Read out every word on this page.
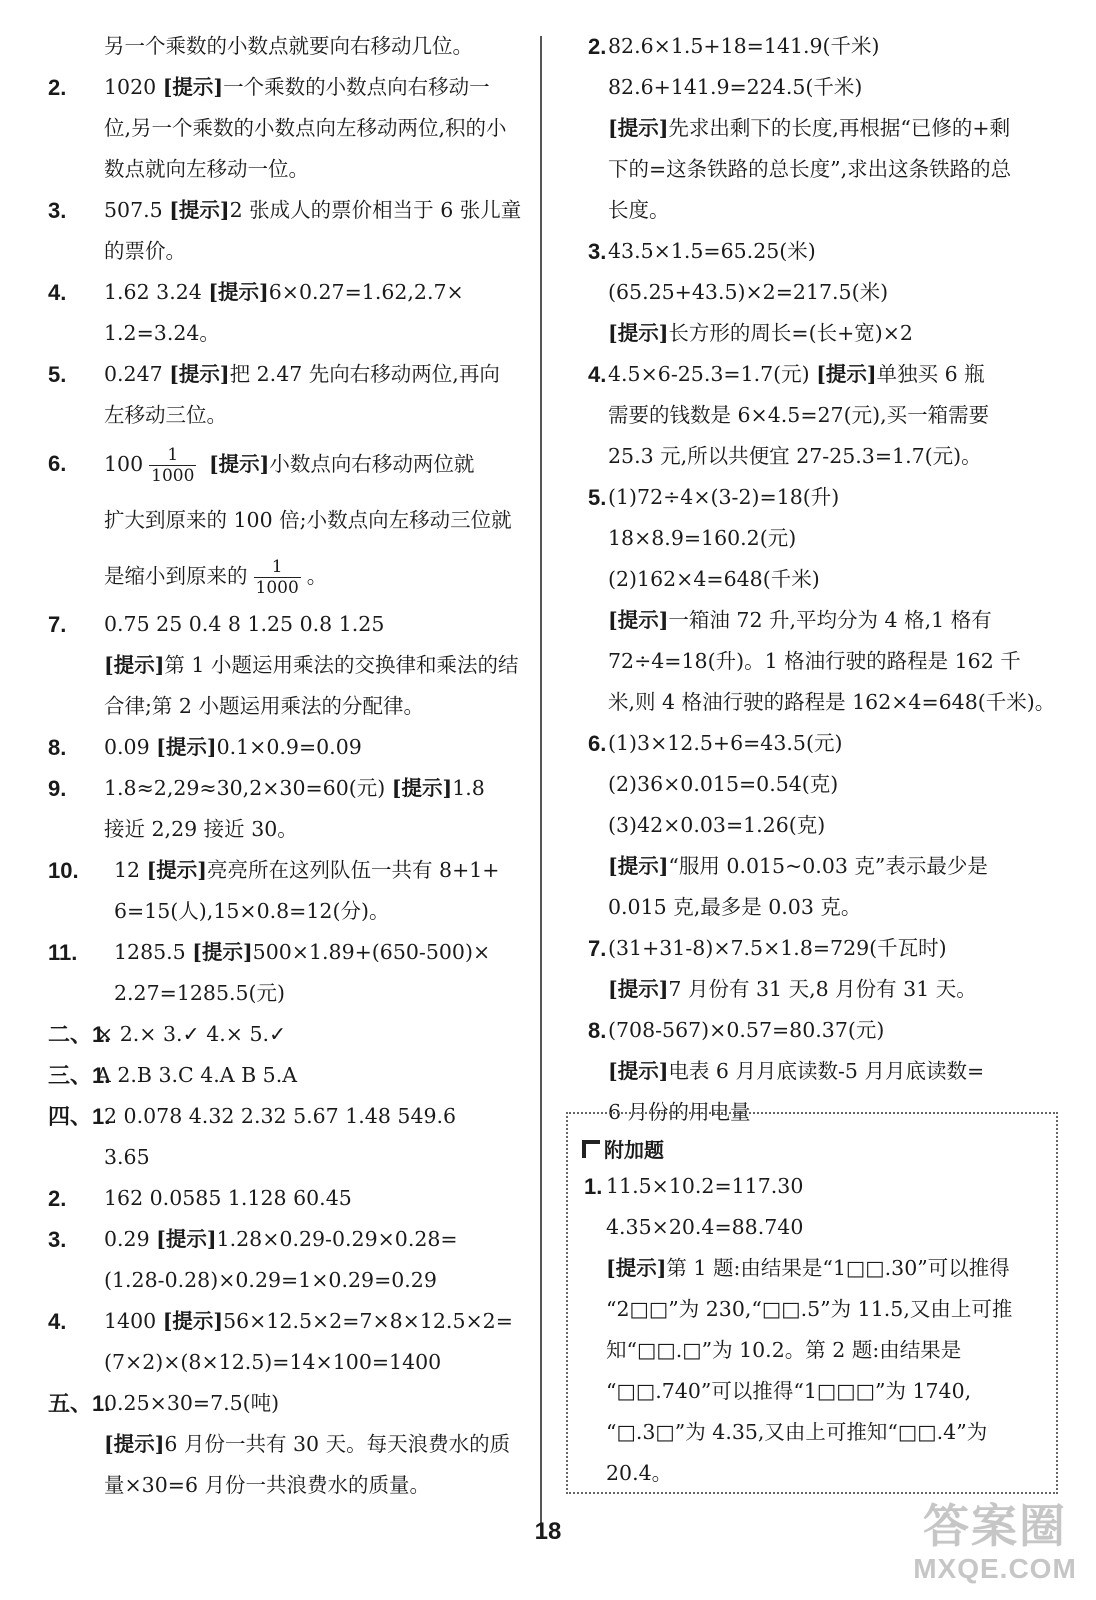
另一个乘数的小数点就要向右移动几位。
2. 1020 [提示]一个乘数的小数点向右移动一
位,另一个乘数的小数点向左移动两位,积的小
数点就向左移动一位。
3. 507.5 [提示]2 张成人的票价相当于 6 张儿童
的票价。
4. 1.62 3.24 [提示]6×0.27=1.62,2.7×
1.2=3.24。
5. 0.247 [提示]把 2.47 先向右移动两位,再向
左移动三位。
6. $100 \frac{1}{1000}$ [提示]小数点向右移动两位就
扩大到原来的 100 倍;小数点向左移动三位就
是缩小到原来的 $\frac{1}{1000}$ 。
7. 0.75 25 0.4 8 1.25 0.8 1.25
[提示]第 1 小题运用乘法的交换律和乘法的结
合律;第 2 小题运用乘法的分配律。
8. 0.09 [提示]0.1×0.9=0.09
9. 1.8≈2,29≈30,2×30=60(元) [提示]1.8
接近 2,29 接近 30。
10. 12 [提示]亮亮所在这列队伍一共有 8+1+
6=15(人),15×0.8=12(分)。
11. 1285.5 [提示]500×1.89+(650-500)×
2.27=1285.5(元)
二、1.
× 2.× 3.✓ 4.× 5.✓
三、1.
A 2.B 3.C 4.A B 5.A
四、1.
2 0.078 4.32 2.32 5.67 1.48 549.6
3.65
2. 162 0.0585 1.128 60.45
3. 0.29 [提示]1.28×0.29-0.29×0.28=
(1.28-0.28)×0.29=1×0.29=0.29
4. 1400 [提示]56×12.5×2=7×8×12.5×2=
(7×2)×(8×12.5)=14×100=1400
五、1.
0.25×30=7.5(吨)
[提示]6 月份一共有 30 天。每天浪费水的质
量×30=6 月份一共浪费水的质量。
2. 82.6×1.5+18=141.9(千米)
82.6+141.9=224.5(千米)
[提示]先求出剩下的长度,再根据“已修的+剩
下的=这条铁路的总长度”,求出这条铁路的总
长度。
3. 43.5×1.5=65.25(米)
(65.25+43.5)×2=217.5(米)
[提示]长方形的周长=(长+宽)×2
4. 4.5×6-25.3=1.7(元) [提示]单独买 6 瓶
需要的钱数是 6×4.5=27(元),买一箱需要
25.3 元,所以共便宜 27-25.3=1.7(元)。
5. (1)72÷4×(3-2)=18(升)
18×8.9=160.2(元)
(2)162×4=648(千米)
[提示]一箱油 72 升,平均分为 4 格,1 格有
72÷4=18(升)。1 格油行驶的路程是 162 千
米,则 4 格油行驶的路程是 162×4=648(千米)。
6. (1)3×12.5+6=43.5(元)
(2)36×0.015=0.54(克)
(3)42×0.03=1.26(克)
[提示]“服用 0.015~0.03 克”表示最少是
0.015 克,最多是 0.03 克。
7. (31+31-8)×7.5×1.8=729(千瓦时)
[提示]7 月份有 31 天,8 月份有 31 天。
8. (708-567)×0.57=80.37(元)
[提示]电表 6 月月底读数-5 月月底读数=
6 月份的用电量
附加题
1. 11.5×10.2=117.30
4.35×20.4=88.740
[提示]第 1 题:由结果是“1□□.30”可以推得
“2□□”为 230,“□□.5”为 11.5,又由上可推
知“□□.□”为 10.2。第 2 题:由结果是
“□□.740”可以推得“1□□□”为 1740,
“□.3□”为 4.35,又由上可推知“□□.4”为
20.4。
18	答案圈
MXQE.COM
